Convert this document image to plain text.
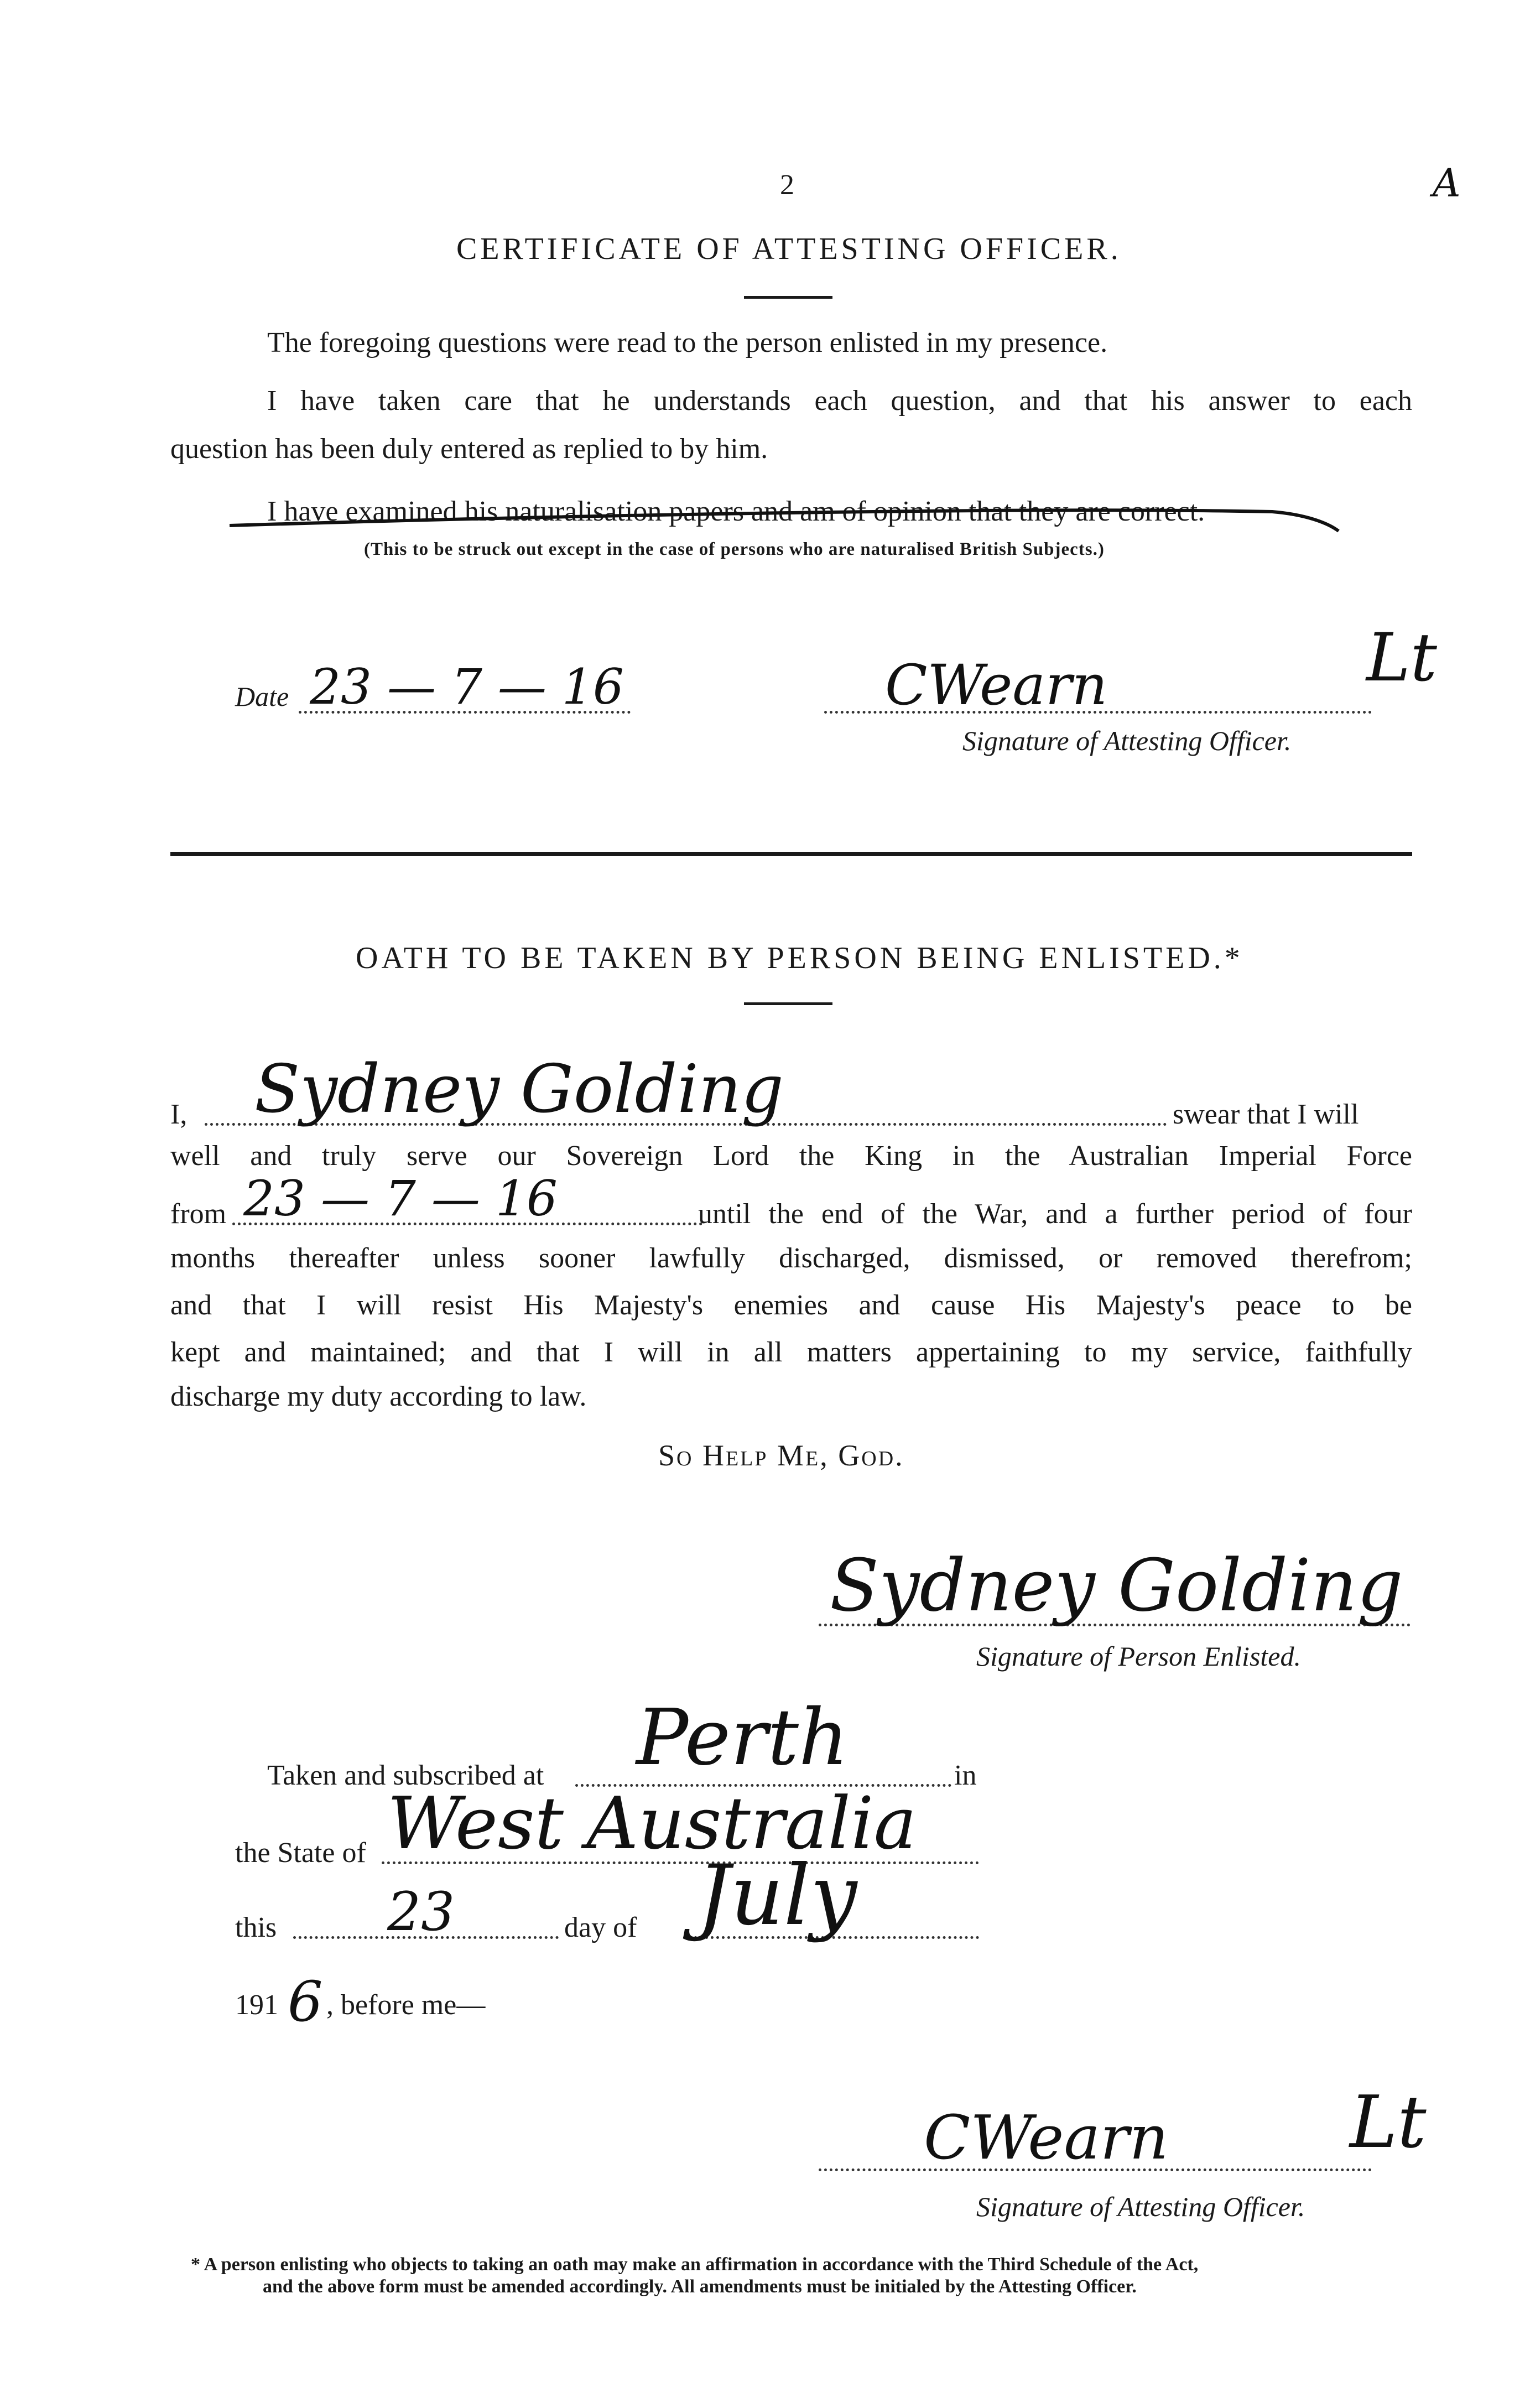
2	A
CERTIFICATE OF ATTESTING OFFICER.
The foregoing questions were read to the person enlisted in my presence.
I have taken care that he understands each question, and that his answer to each
question has been duly entered as replied to by him.
I have examined his naturalisation papers and am of opinion that they are correct.
(This to be struck out except in the case of persons who are naturalised British Subjects.)
Date 23 — 7 — 16	CWearn	Lt
Signature of Attesting Officer.
OATH TO BE TAKEN BY PERSON BEING ENLISTED.*
I, Sydney Golding	swear that I will
well and truly serve our Sovereign Lord the King in the Australian Imperial Force
from 23 — 7 — 16	until the end of the War, and a further period of four
months thereafter unless sooner lawfully discharged, dismissed, or removed therefrom;
and that I will resist His Majesty's enemies and cause His Majesty's peace to be
kept and maintained; and that I will in all matters appertaining to my service, faithfully
discharge my duty according to law.
So Help Me, God.
Sydney Golding
Signature of Person Enlisted.
Taken and subscribed at Perth	in
the State of West Australia
this 23	day of July
191 6 , before me—
CWearn	Lt
Signature of Attesting Officer.
* A person enlisting who objects to taking an oath may make an affirmation in accordance with the Third Schedule of the Act,
and the above form must be amended accordingly. All amendments must be initialed by the Attesting Officer.
